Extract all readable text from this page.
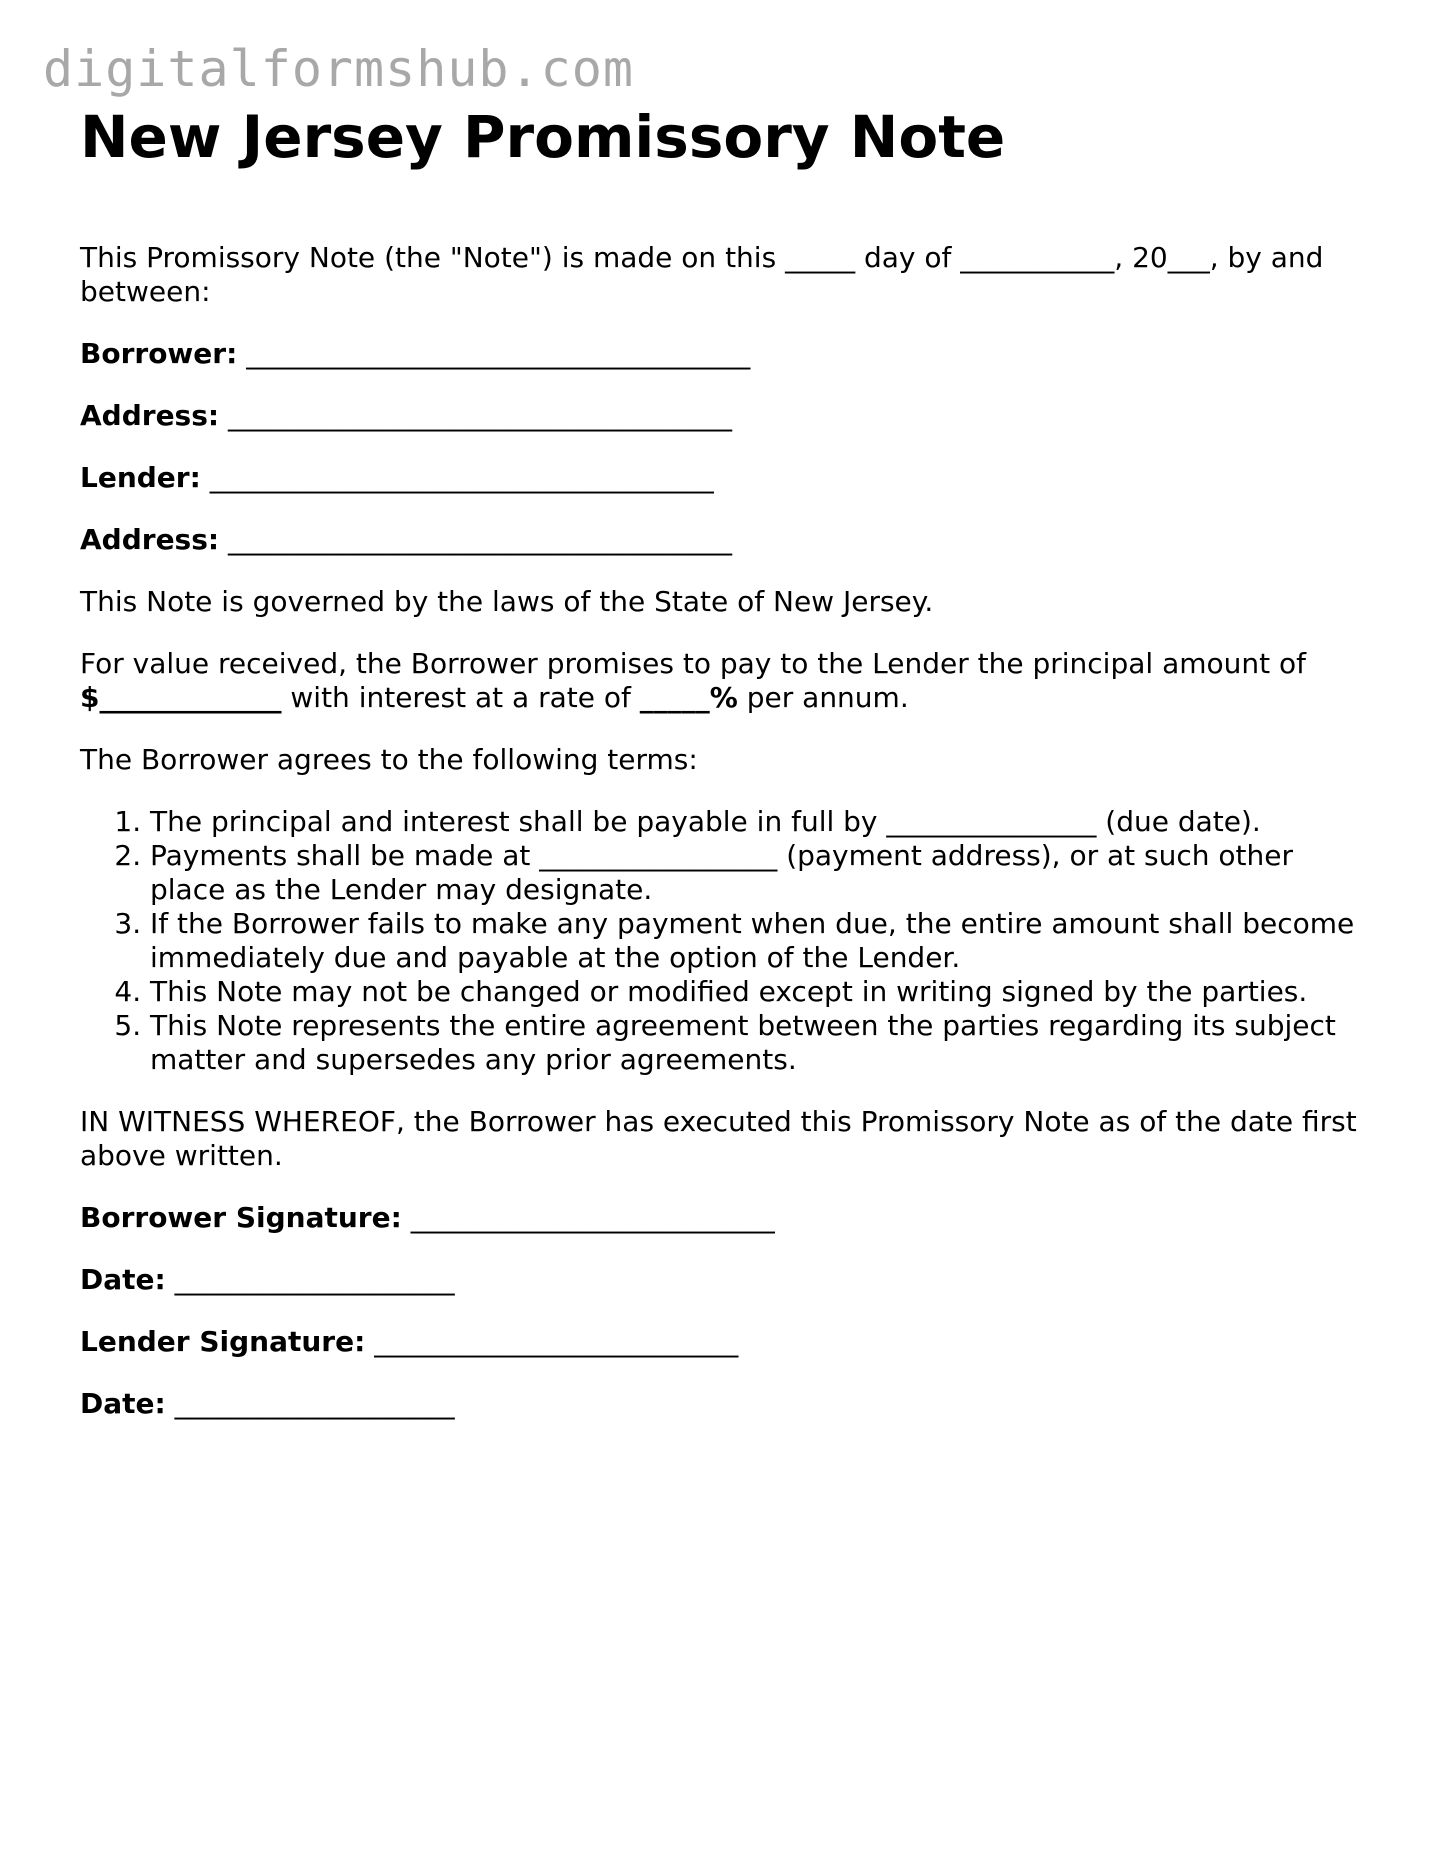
digitalformshub.com
New Jersey Promissory Note

This Promissory Note (the "Note") is made on this _____ day of ___________, 20___, by and between:

Borrower: ____________________________________

Address: ____________________________________

Lender: ____________________________________

Address: ____________________________________

This Note is governed by the laws of the State of New Jersey.

For value received, the Borrower promises to pay to the Lender the principal amount of $_____________ with interest at a rate of _____% per annum.

The Borrower agrees to the following terms:

1. The principal and interest shall be payable in full by _______________ (due date).
2. Payments shall be made at _________________ (payment address), or at such other place as the Lender may designate.
3. If the Borrower fails to make any payment when due, the entire amount shall become immediately due and payable at the option of the Lender.
4. This Note may not be changed or modified except in writing signed by the parties.
5. This Note represents the entire agreement between the parties regarding its subject matter and supersedes any prior agreements.

IN WITNESS WHEREOF, the Borrower has executed this Promissory Note as of the date first above written.

Borrower Signature: __________________________

Date: ____________________

Lender Signature: __________________________

Date: ____________________
